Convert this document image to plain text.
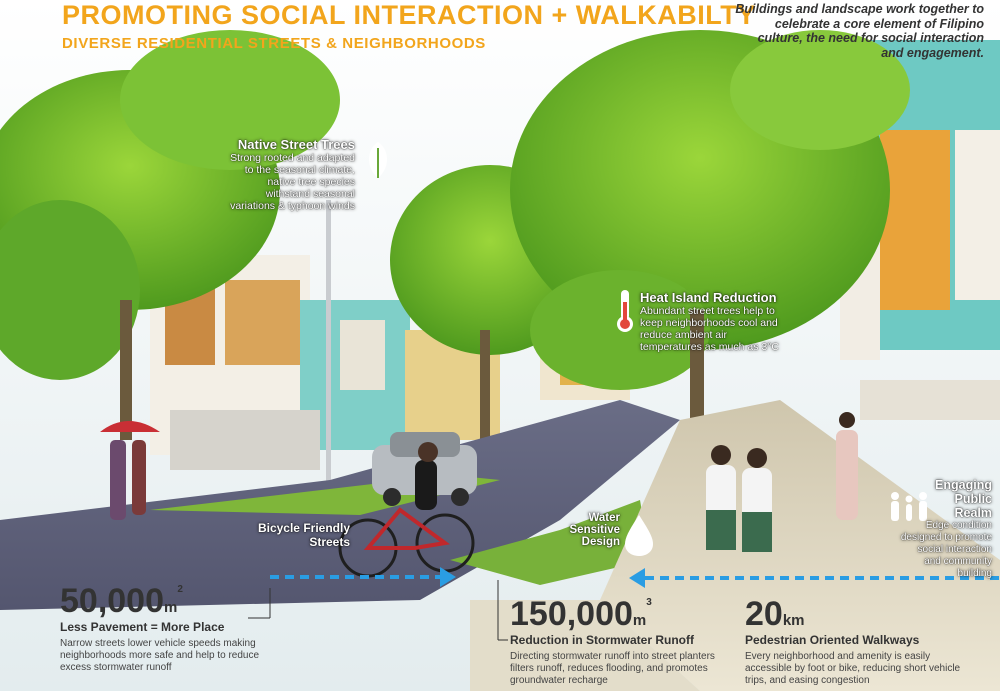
PROMOTING SOCIAL INTERACTION + WALKABILTY
DIVERSE RESIDENTIAL STREETS & NEIGHBORHOODS
Buildings and landscape work together to celebrate a core element of Filipino culture, the need for social interaction and engagement.
Native Street Trees
Strong rooted and adapted to the seasonal climate, native tree species withstand seasonal variations & typhoon winds
Heat Island Reduction
Abundant street trees help to keep neighborhoods cool and reduce ambient air temperatures as much as 3°C
Bicycle Friendly
Streets
Water
Sensitive
Design
Engaging
Public
Realm
Edge condition designed to promote social interaction and community building
$50,000m^2$
Less Pavement = More Place
Narrow streets lower vehicle speeds making neighborhoods more safe and help to reduce excess stormwater runoff
$150,000m^3$
Reduction in Stormwater Runoff
Directing stormwater runoff into street planters filters runoff, reduces flooding, and promotes groundwater recharge
20km
Pedestrian Oriented Walkways
Every neighborhood and amenity is easily accessible by foot or bike, reducing short vehicle trips, and easing congestion
